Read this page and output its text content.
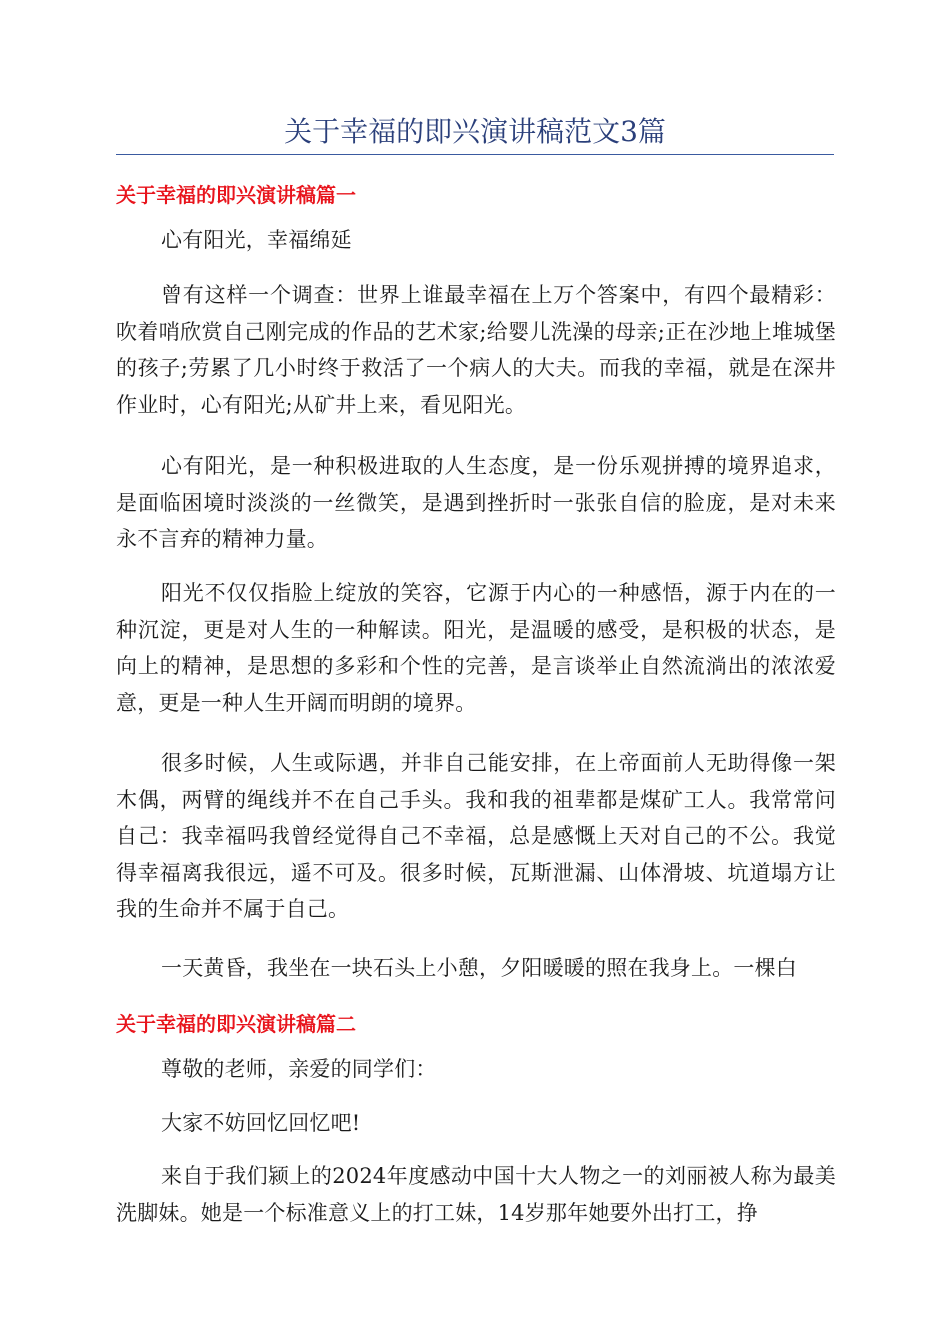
关于幸福的即兴演讲稿范文3篇
关于幸福的即兴演讲稿篇一
心有阳光，幸福绵延
曾有这样一个调查：世界上谁最幸福在上万个答案中，有四个最精彩：吹着哨欣赏自己刚完成的作品的艺术家;给婴儿洗澡的母亲;正在沙地上堆城堡的孩子;劳累了几小时终于救活了一个病人的大夫。而我的幸福，就是在深井作业时，心有阳光;从矿井上来，看见阳光。
心有阳光，是一种积极进取的人生态度，是一份乐观拼搏的境界追求，是面临困境时淡淡的一丝微笑，是遇到挫折时一张张自信的脸庞，是对未来永不言弃的精神力量。
阳光不仅仅指脸上绽放的笑容，它源于内心的一种感悟，源于内在的一种沉淀，更是对人生的一种解读。阳光，是温暖的感受，是积极的状态，是向上的精神，是思想的多彩和个性的完善，是言谈举止自然流淌出的浓浓爱意，更是一种人生开阔而明朗的境界。
很多时候，人生或际遇，并非自己能安排，在上帝面前人无助得像一架木偶，两臂的绳线并不在自己手头。我和我的祖辈都是煤矿工人。我常常问自己：我幸福吗我曾经觉得自己不幸福，总是感慨上天对自己的不公。我觉得幸福离我很远，遥不可及。很多时候，瓦斯泄漏、山体滑坡、坑道塌方让我的生命并不属于自己。
一天黄昏，我坐在一块石头上小憩，夕阳暖暖的照在我身上。一棵白
关于幸福的即兴演讲稿篇二
尊敬的老师，亲爱的同学们：
大家不妨回忆回忆吧!
来自于我们颍上的2024年度感动中国十大人物之一的刘丽被人称为最美洗脚妹。她是一个标准意义上的打工妹，14岁那年她要外出打工，挣
